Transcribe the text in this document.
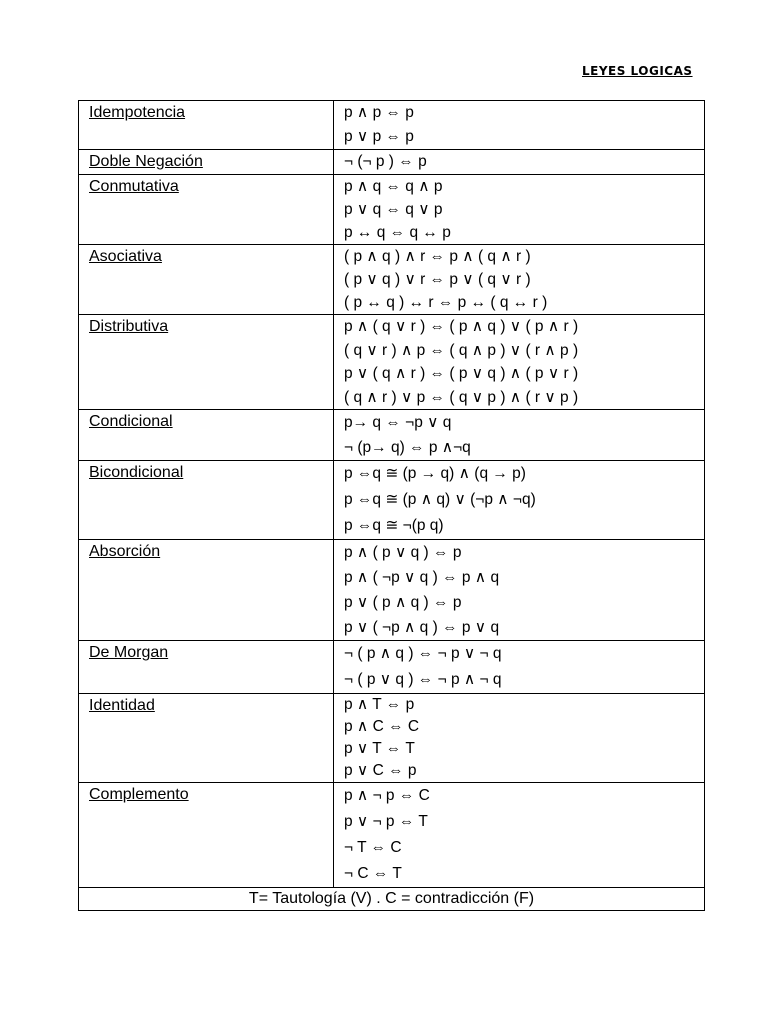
LEYES LOGICAS
Idempotencia	p ∧ p ⇔ p
p ∨ p ⇔ p

Doble Negación	¬ (¬ p ) ⇔ p

Conmutativa	p ∧ q ⇔ q ∧ p
p ∨ q ⇔ q ∨ p
p ↔ q ⇔ q ↔ p

Asociativa	( p ∧ q ) ∧ r ⇔ p ∧ ( q ∧ r )
( p ∨ q ) ∨ r ⇔ p ∨ ( q ∨ r )
( p ↔ q ) ↔ r ⇔ p ↔ ( q ↔ r )

Distributiva	p ∧ ( q ∨ r ) ⇔ ( p ∧ q ) ∨ ( p ∧ r )
( q ∨ r ) ∧ p ⇔ ( q ∧ p ) ∨ ( r ∧ p )
p ∨ ( q ∧ r ) ⇔ ( p ∨ q ) ∧ ( p ∨ r )
( q ∧ r ) ∨ p ⇔ ( q ∨ p ) ∧ ( r ∨ p )

Condicional	p→ q ⇔ ¬p ∨ q
¬ (p→ q) ⇔ p ∧¬q

Bicondicional	p ⇔q ≅ (p → q) ∧ (q → p)
p ⇔q ≅ (p ∧ q) ∨ (¬p ∧ ¬q)
p ⇔q ≅ ¬(p q)

Absorción	p ∧ ( p ∨ q ) ⇔ p
p ∧ ( ¬p ∨ q ) ⇔ p ∧ q
p ∨ ( p ∧ q ) ⇔ p
p ∨ ( ¬p ∧ q ) ⇔ p ∨ q

De Morgan	¬ ( p ∧ q ) ⇔ ¬ p ∨ ¬ q
¬ ( p ∨ q ) ⇔ ¬ p ∧ ¬ q

Identidad	p ∧ T ⇔ p
p ∧ C ⇔ C
p ∨ T ⇔ T
p ∨ C ⇔ p

Complemento	p ∧ ¬ p ⇔ C
p ∨ ¬ p ⇔ T
¬ T ⇔ C
¬ C ⇔ T

T= Tautología (V) . C = contradicción (F)	
